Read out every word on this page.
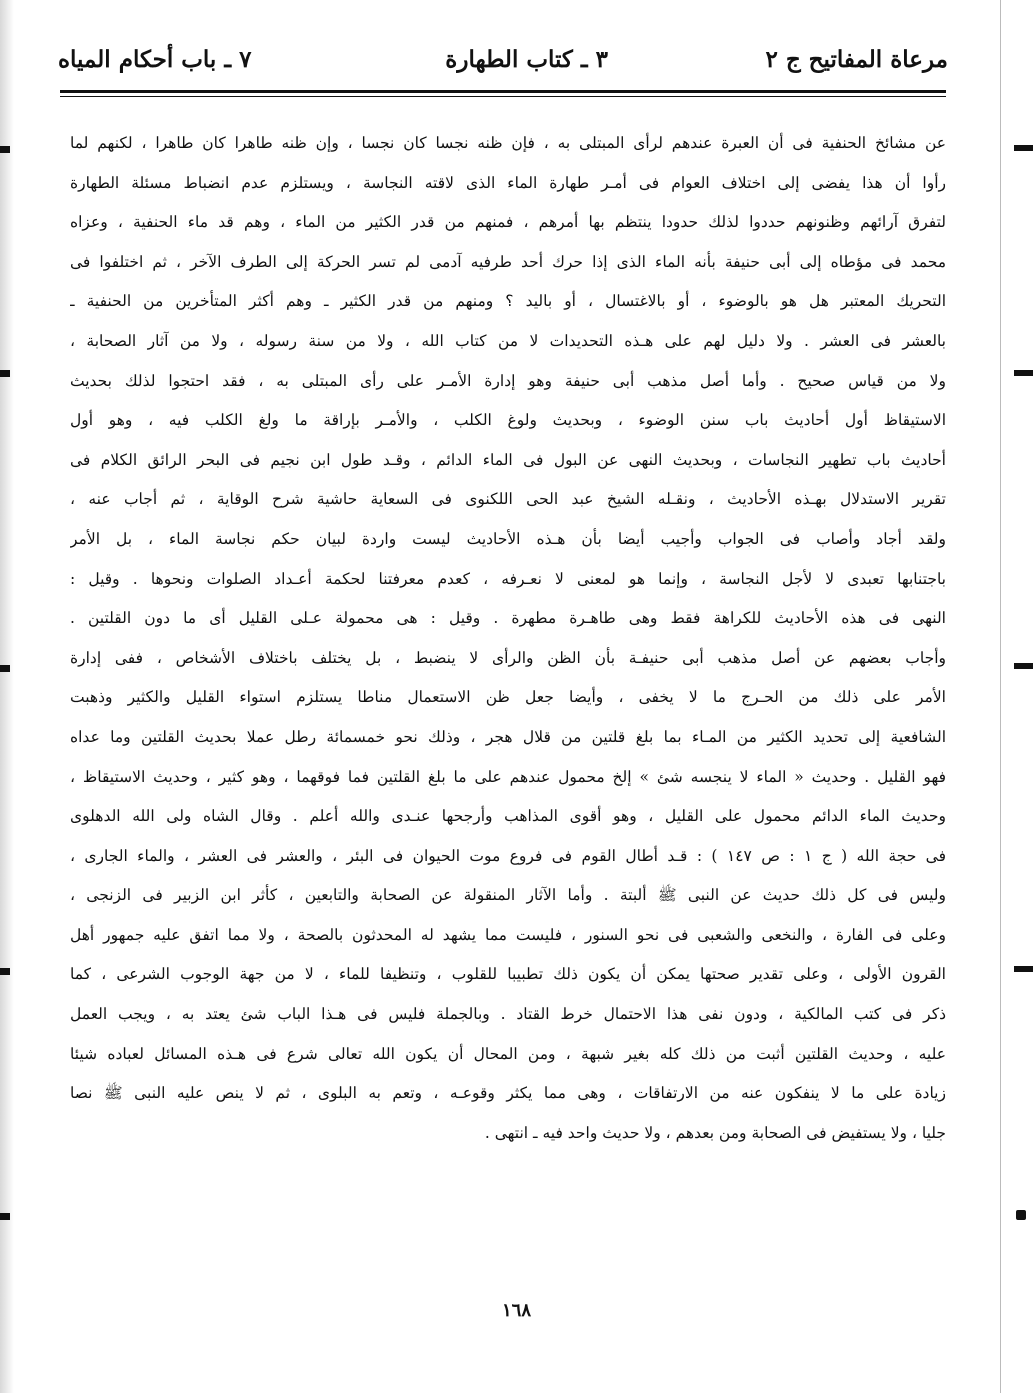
مرعاة المفاتيح ج ٢
٣ ـ كتاب الطهارة
٧ ـ باب أحكام المياه
عن مشائخ الحنفية فى أن العبرة عندهم لرأى المبتلى به ، فإن ظنه نجسا كان نجسا ، وإن ظنه طاهرا كان طاهرا ، لكنهم لما
رأوا أن هذا يفضى إلى اختلاف العوام فى أمـر طهارة الماء الذى لاقته النجاسة ، ويستلزم عدم انضباط مسئلة الطهارة
لتفرق آرائهم وظنونهم حددوا لذلك حدودا ينتظم بها أمرهم ، فمنهم من قدر الكثير من الماء ، وهم قد ماء الحنفية ، وعزاه
محمد فى مؤطاه إلى أبى حنيفة بأنه الماء الذى إذا حرك أحد طرفيه آدمى لم تسر الحركة إلى الطرف الآخر ، ثم اختلفوا فى
التحريك المعتبر هل هو بالوضوء ، أو بالاغتسال ، أو باليد ؟ ومنهم من قدر الكثير ـ وهم أكثر المتأخرين من الحنفية ـ
بالعشر فى العشر . ولا دليل لهم على هـذه التحديدات لا من كتاب الله ، ولا من سنة رسوله ، ولا من آثار الصحابة ،
ولا من قياس صحيح . وأما أصل مذهب أبى حنيفة وهو إدارة الأمـر على رأى المبتلى به ، فقد احتجوا لذلك بحديث
الاستيقاظ أول أحاديث باب سنن الوضوء ، وبحديث ولوغ الكلب ، والأمـر بإراقة ما ولغ الكلب فيه ، وهو أول
أحاديث باب تطهير النجاسات ، وبحديث النهى عن البول فى الماء الدائم ، وقـد طول ابن نجيم فى البحر الرائق الكلام فى
تقرير الاستدلال بهـذه الأحاديث ، ونقـله الشيخ عبد الحى اللكنوى فى السعاية حاشية شرح الوقاية ، ثم أجاب عنه ،
ولقد أجاد وأصاب فى الجواب وأجيب أيضا بأن هـذه الأحاديث ليست واردة لبيان حكم نجاسة الماء ، بل الأمر
باجتنابها تعبدى لا لأجل النجاسة ، وإنما هو لمعنى لا نعـرفه ، كعدم معرفتنا لحكمة أعـداد الصلوات ونحوها . وقيل :
النهى فى هذه الأحاديث للكراهة فقط وهى طاهـرة مطهرة . وقيل : هى محمولة عـلى القليل أى ما دون القلتين .
وأجاب بعضهم عن أصل مذهب أبى حنيفـة بأن الظن والرأى لا ينضبط ، بل يختلف باختلاف الأشخاص ، ففى إدارة
الأمر على ذلك من الحـرج ما لا يخفى ، وأيضا جعل ظن الاستعمال مناطا يستلزم استواء القليل والكثير وذهبت
الشافعية إلى تحديد الكثير من المـاء بما بلغ قلتين من قلال هجر ، وذلك نحو خمسمائة رطل عملا بحديث القلتين وما عداه
فهو القليل . وحديث « الماء لا ينجسه شئ » إلخ محمول عندهم على ما بلغ القلتين فما فوقهما ، وهو كثير ، وحديث الاستيقاظ ،
وحديث الماء الدائم محمول على القليل ، وهو أقوى المذاهب وأرجحها عنـدى والله أعلم . وقال الشاه ولى الله الدهلوى
فى حجة الله ( ج ١ : ص ١٤٧ ) : قـد أطال القوم فى فروع موت الحيوان فى البئر ، والعشر فى العشر ، والماء الجارى ،
وليس فى كل ذلك حديث عن النبى ﷺ ألبتة . وأما الآثار المنقولة عن الصحابة والتابعين ، كأثر ابن الزبير فى الزنجى ،
وعلى فى الفارة ، والنخعى والشعبى فى نحو السنور ، فليست مما يشهد له المحدثون بالصحة ، ولا مما اتفق عليه جمهور أهل
القرون الأولى ، وعلى تقدير صحتها يمكن أن يكون ذلك تطبيبا للقلوب ، وتنظيفا للماء ، لا من جهة الوجوب الشرعى ، كما
ذكر فى كتب المالكية ، ودون نفى هذا الاحتمال خرط القتاد . وبالجملة فليس فى هـذا الباب شئ يعتد به ، ويجب العمل
عليه ، وحديث القلتين أثبت من ذلك كله بغير شبهة ، ومن المحال أن يكون الله تعالى شرع فى هـذه المسائل لعباده شيئا
زيادة على ما لا ينفكون عنه من الارتفاقات ، وهى مما يكثر وقوعـه ، وتعم به البلوى ، ثم لا ينص عليه النبى ﷺ نصا
جليا ، ولا يستفيض فى الصحابة ومن بعدهم ، ولا حديث واحد فيه ـ انتهى .
١٦٨
